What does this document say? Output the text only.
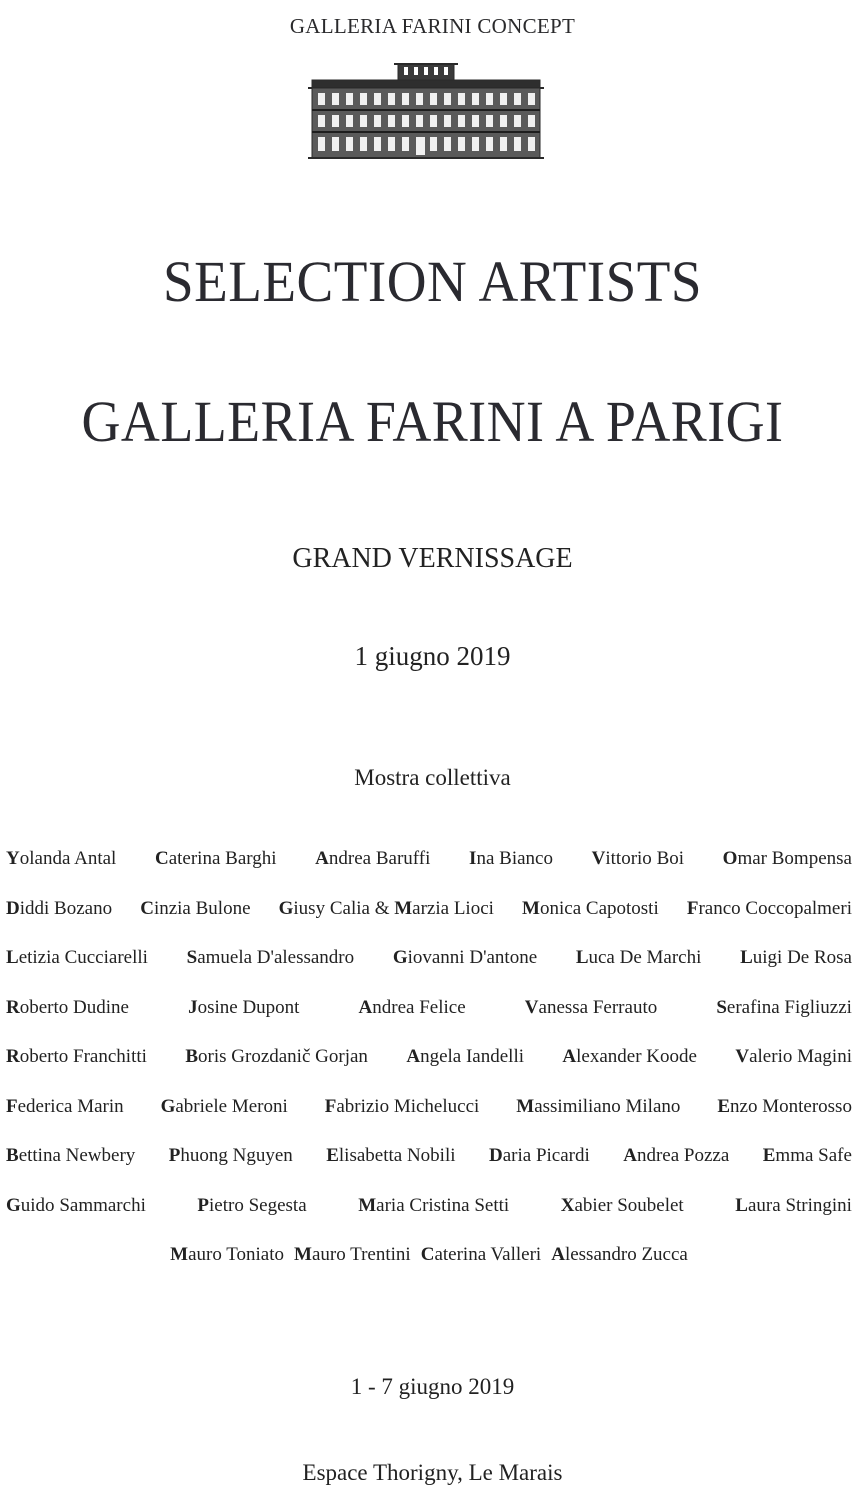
GALLERIA FARINI CONCEPT
SELECTION ARTISTS
GALLERIA FARINI A PARIGI
GRAND VERNISSAGE
1 giugno 2019
Mostra collettiva
Yolanda Antal Caterina Barghi Andrea Baruffi Ina Bianco Vittorio Boi Omar Bompensa
Diddi Bozano Cinzia Bulone Giusy Calia & Marzia Lioci Monica Capotosti Franco Coccopalmeri
Letizia Cucciarelli Samuela D'alessandro Giovanni D'antone Luca De Marchi Luigi De Rosa
Roberto Dudine	Josine Dupont	Andrea Felice	Vanessa Ferrauto	Serafina Figliuzzi
Roberto Franchitti Boris Grozdanič Gorjan Angela Iandelli Alexander Koode Valerio Magini
Federica Marin Gabriele Meroni Fabrizio Michelucci Massimiliano Milano Enzo Monterosso
Bettina Newbery Phuong Nguyen Elisabetta Nobili Daria Picardi Andrea Pozza Emma Safe
Guido Sammarchi	Pietro Segesta	Maria Cristina Setti	Xabier Soubelet	Laura Stringini
Mauro Toniato Mauro Trentini Caterina Valleri Alessandro Zucca
1 - 7 giugno 2019
Espace Thorigny, Le Marais
